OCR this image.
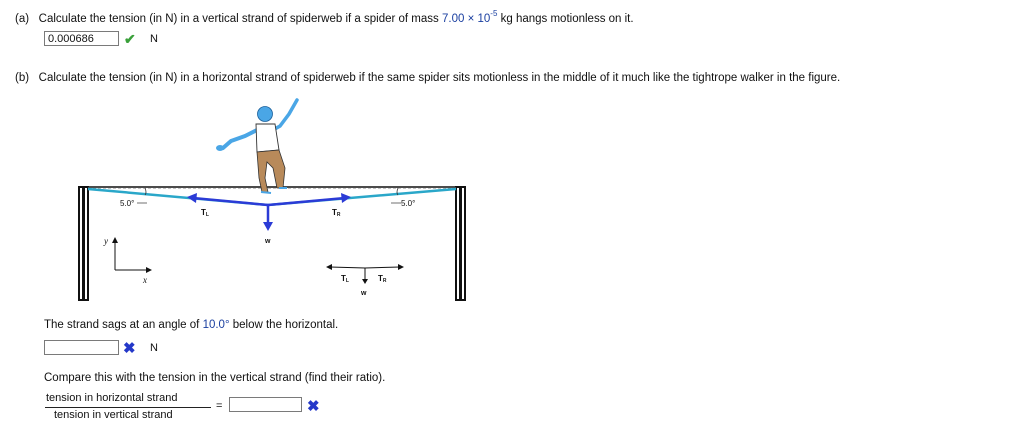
(a) Calculate the tension (in N) in a vertical strand of spiderweb if a spider of mass $7.00 \times 10^{-5}$ kg hangs motionless on it.
0.000686
✔ N
(b) Calculate the tension (in N) in a horizontal strand of spiderweb if the same spider sits motionless in the middle of it much like the tightrope walker in the figure.
5.0°	5.0°
TL	TR
w
y
x	TL	TR
w
The strand sags at an angle of 10.0° below the horizontal.
✖ N
Compare this with the tension in the vertical strand (find their ratio).
tension in horizontal strand
tension in vertical strand
=	✖
